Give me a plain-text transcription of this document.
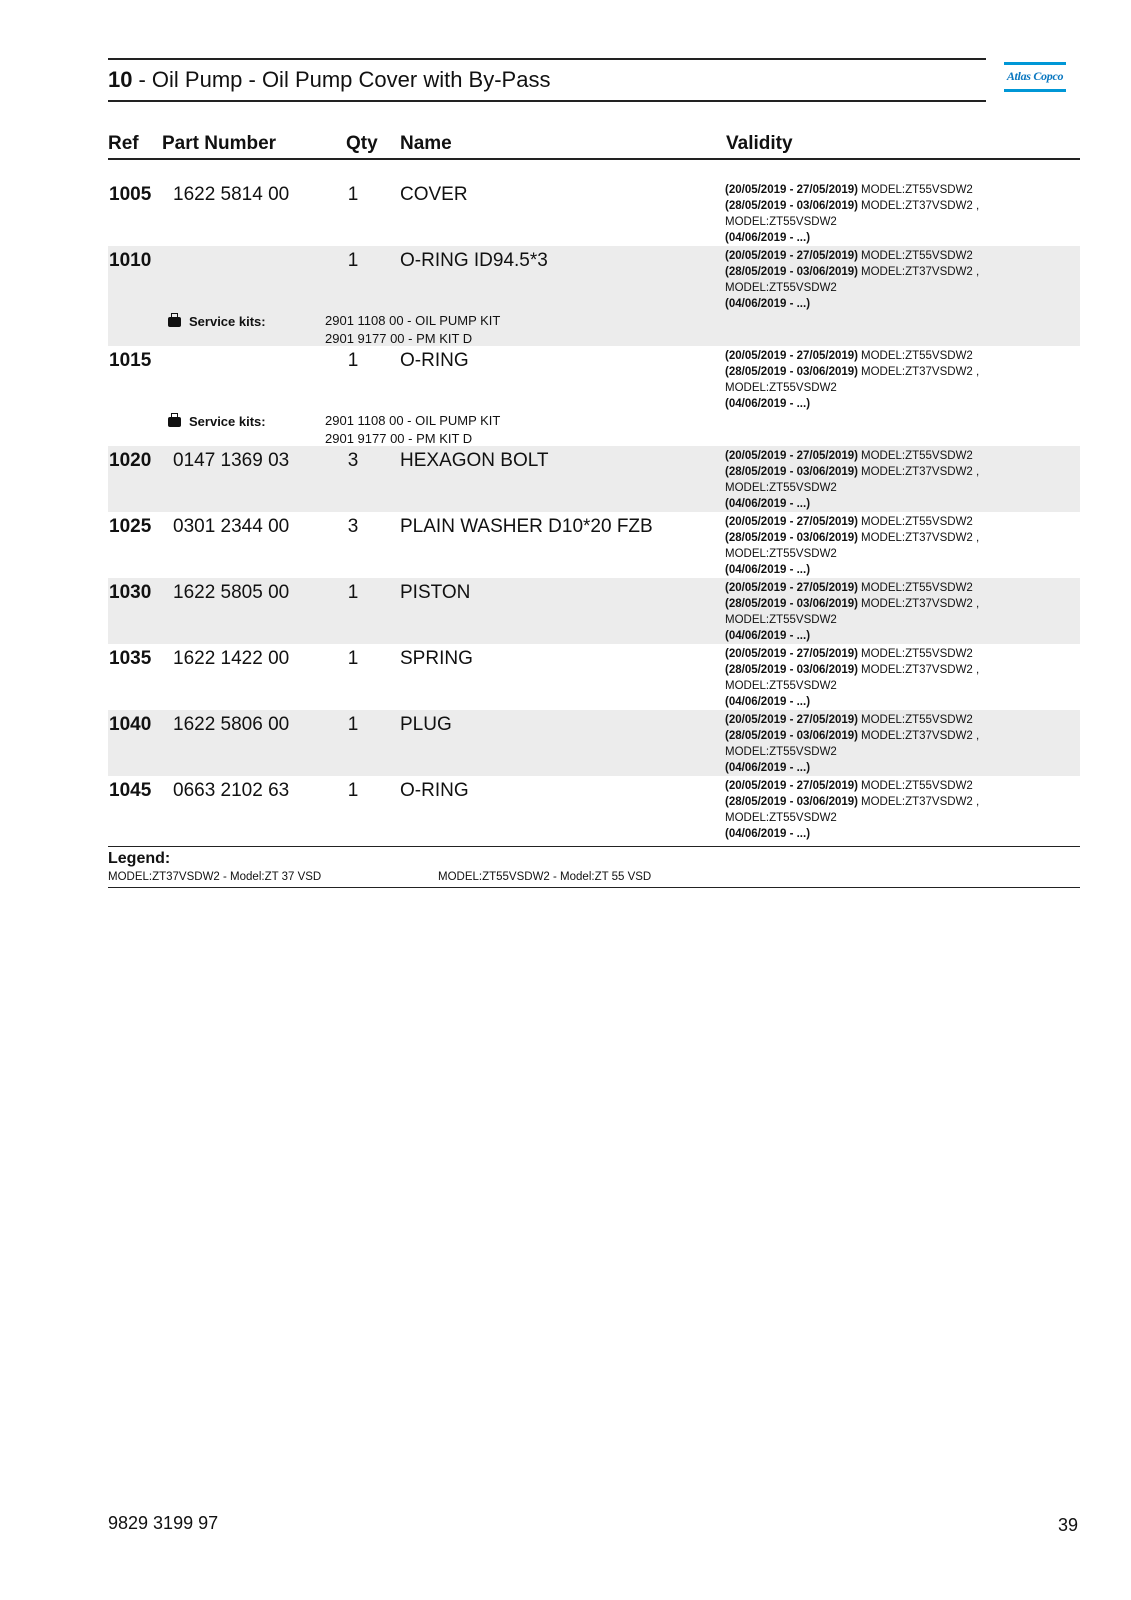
10 - Oil Pump - Oil Pump Cover with By-Pass	Atlas Copco
Ref Part Number	Qty Name	Validity
1005 1622 5814 00	1 COVER	(20/05/2019 - 27/05/2019) MODEL:ZT55VSDW2
(28/05/2019 - 03/06/2019) MODEL:ZT37VSDW2 ,
MODEL:ZT55VSDW2
(04/06/2019 - ...)
1010	1 O-RING ID94.5*3	(20/05/2019 - 27/05/2019) MODEL:ZT55VSDW2
(28/05/2019 - 03/06/2019) MODEL:ZT37VSDW2 ,
MODEL:ZT55VSDW2
(04/06/2019 - ...)
Service kits:	2901 1108 00 - OIL PUMP KIT
2901 9177 00 - PM KIT D
1015	1 O-RING	(20/05/2019 - 27/05/2019) MODEL:ZT55VSDW2
(28/05/2019 - 03/06/2019) MODEL:ZT37VSDW2 ,
MODEL:ZT55VSDW2
(04/06/2019 - ...)
Service kits:	2901 1108 00 - OIL PUMP KIT
2901 9177 00 - PM KIT D
1020 0147 1369 03	3 HEXAGON BOLT	(20/05/2019 - 27/05/2019) MODEL:ZT55VSDW2
(28/05/2019 - 03/06/2019) MODEL:ZT37VSDW2 ,
MODEL:ZT55VSDW2
(04/06/2019 - ...)
1025 0301 2344 00	3 PLAIN WASHER D10*20 FZB	(20/05/2019 - 27/05/2019) MODEL:ZT55VSDW2
(28/05/2019 - 03/06/2019) MODEL:ZT37VSDW2 ,
MODEL:ZT55VSDW2
(04/06/2019 - ...)
1030 1622 5805 00	1 PISTON	(20/05/2019 - 27/05/2019) MODEL:ZT55VSDW2
(28/05/2019 - 03/06/2019) MODEL:ZT37VSDW2 ,
MODEL:ZT55VSDW2
(04/06/2019 - ...)
1035 1622 1422 00	1 SPRING	(20/05/2019 - 27/05/2019) MODEL:ZT55VSDW2
(28/05/2019 - 03/06/2019) MODEL:ZT37VSDW2 ,
MODEL:ZT55VSDW2
(04/06/2019 - ...)
1040 1622 5806 00	1 PLUG	(20/05/2019 - 27/05/2019) MODEL:ZT55VSDW2
(28/05/2019 - 03/06/2019) MODEL:ZT37VSDW2 ,
MODEL:ZT55VSDW2
(04/06/2019 - ...)
1045 0663 2102 63	1 O-RING	(20/05/2019 - 27/05/2019) MODEL:ZT55VSDW2
(28/05/2019 - 03/06/2019) MODEL:ZT37VSDW2 ,
MODEL:ZT55VSDW2
(04/06/2019 - ...)
Legend:
MODEL:ZT37VSDW2 - Model:ZT 37 VSD	MODEL:ZT55VSDW2 - Model:ZT 55 VSD
9829 3199 97	39
